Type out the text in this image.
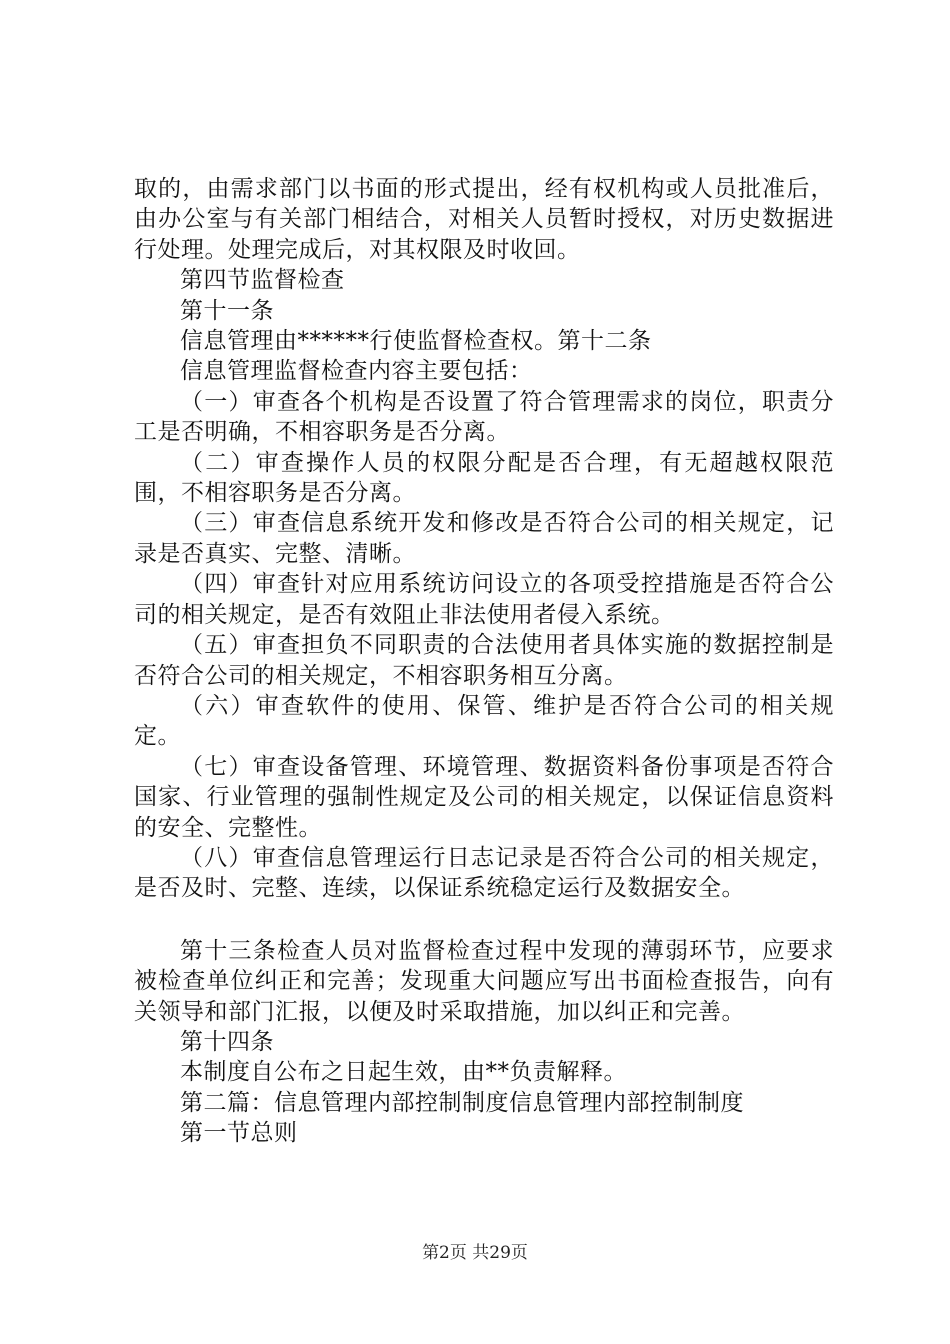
取的，由需求部门以书面的形式提出，经有权机构或人员批准后，由办公室与有关部门相结合，对相关人员暂时授权，对历史数据进行处理。处理完成后，对其权限及时收回。

第四节监督检查

第十一条

信息管理由******行使监督检查权。第十二条

信息管理监督检查内容主要包括：

（一）审查各个机构是否设置了符合管理需求的岗位，职责分工是否明确，不相容职务是否分离。

（二）审查操作人员的权限分配是否合理，有无超越权限范围，不相容职务是否分离。

（三）审查信息系统开发和修改是否符合公司的相关规定，记录是否真实、完整、清晰。

（四）审查针对应用系统访问设立的各项受控措施是否符合公司的相关规定，是否有效阻止非法使用者侵入系统。

（五）审查担负不同职责的合法使用者具体实施的数据控制是否符合公司的相关规定，不相容职务相互分离。

（六）审查软件的使用、保管、维护是否符合公司的相关规定。

（七）审查设备管理、环境管理、数据资料备份事项是否符合国家、行业管理的强制性规定及公司的相关规定，以保证信息资料的安全、完整性。

（八）审查信息管理运行日志记录是否符合公司的相关规定，是否及时、完整、连续，以保证系统稳定运行及数据安全。

第十三条检查人员对监督检查过程中发现的薄弱环节，应要求被检查单位纠正和完善；发现重大问题应写出书面检查报告，向有关领导和部门汇报，以便及时采取措施，加以纠正和完善。

第十四条

本制度自公布之日起生效，由**负责解释。

第二篇：信息管理内部控制制度信息管理内部控制制度

第一节总则

第2页 共29页
